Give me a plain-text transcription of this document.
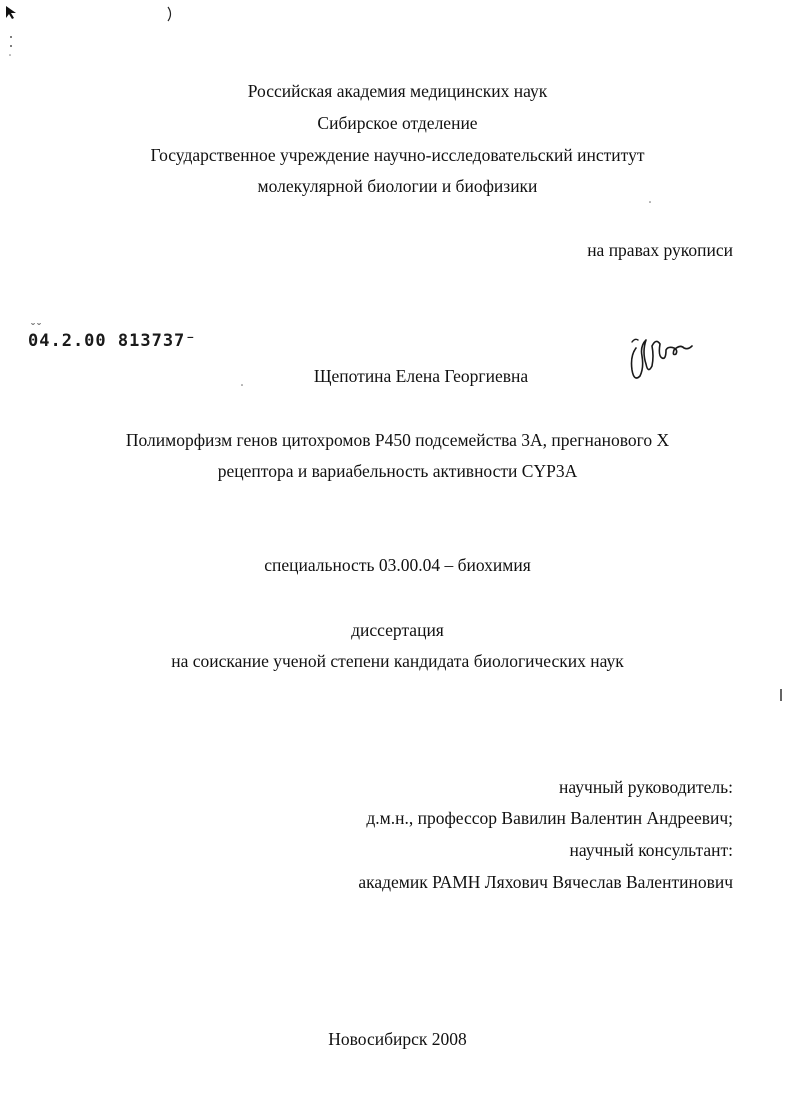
Российская академия медицинских наук
Сибирское отделение
Государственное учреждение научно-исследовательский институт
молекулярной биологии и биофизики
на правах рукописи
˘˘
04.2.00 813737⁻
Щепотина Елена Георгиевна
Полиморфизм генов цитохромов P450 подсемейства 3А, прегнанового X
рецептора и вариабельность активности CYP3A
специальность 03.00.04 – биохимия
диссертация
на соискание ученой степени кандидата биологических наук
научный руководитель:
д.м.н., профессор Вавилин Валентин Андреевич;
научный консультант:
академик РАМН Ляхович Вячеслав Валентинович
Новосибирск 2008
